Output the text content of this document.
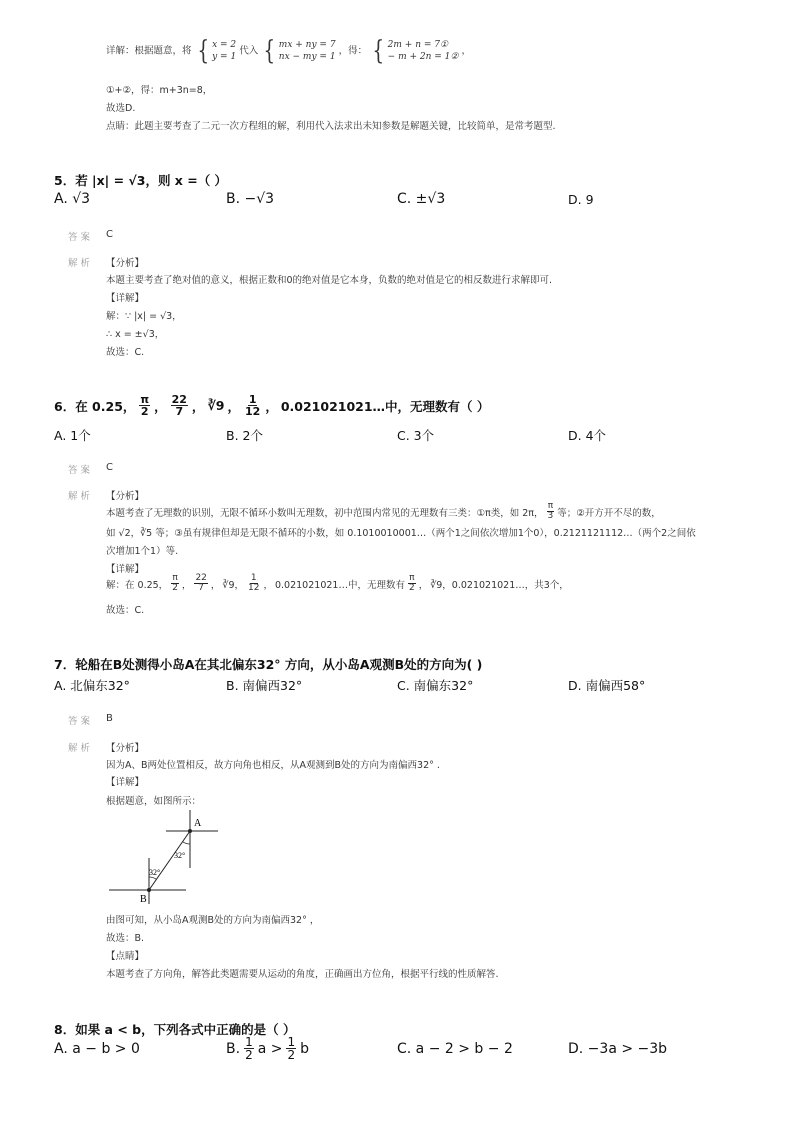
详解：根据题意，将 { x = 2
y = 1
代入 { mx + ny = 7
nx − my = 1
，得： { 2m + n = 7①
− m + 2n = 1②
，
①+②，得：m+3n=8，
故选D.
点睛：此题主要考查了二元一次方程组的解，利用代入法求出未知参数是解题关键，比较简单，是常考题型.
5．若 |x| = √3，则 x =（ ）
A. √3	B. −√3	C. ±√3	D. 9
答案 C
解析 【分析】
本题主要考查了绝对值的意义，根据正数和0的绝对值是它本身，负数的绝对值是它的相反数进行求解即可.
【详解】
解：∵ |x| = √3，
∴ x = ±√3，
故选：C.
6．在 0.25， $\frac{\pi}{2}$ ， $\frac{22}{7}$ ， ∛9 ， $\frac{1}{12}$ ， 0.021021021…中，无理数有（ ）
A. 1个	B. 2个	C. 3个	D. 4个
答案 C
解析 【分析】
本题考查了无理数的识别，无限不循环小数叫无理数，初中范围内常见的无理数有三类：①π类，如 2π， $\frac{\pi}{3}$ 等；②开方开不尽的数，
如 √2，∛5 等；③虽有规律但却是无限不循环的小数，如 0.1010010001…（两个1之间依次增加1个0），0.2121121112…（两个2之间依
次增加1个1）等.
【详解】
解：在 0.25， $\frac{\pi}{2}$ ， $\frac{22}{7}$ ， ∛9， $\frac{1}{12}$ ， 0.021021021…中，无理数有 $\frac{\pi}{2}$ ， ∛9，0.021021021…，共3个，
故选：C.
7．轮船在B处测得小岛A在其北偏东32° 方向，从小岛A观测B处的方向为( )
A. 北偏东32°	B. 南偏西32°	C. 南偏东32°	D. 南偏西58°
答案 B
解析 【分析】
因为A、B两处位置相反，故方向角也相反，从A观测到B处的方向为南偏西32° .
【详解】
根据题意，如图所示：
A
B
32°
32°
由图可知，从小岛A观测B处的方向为南偏西32° ，
故选：B.
【点睛】
本题考查了方向角，解答此类题需要从运动的角度，正确画出方位角，根据平行线的性质解答.
8．如果 a < b，下列各式中正确的是（ ）
A. a − b > 0	B. $\frac{1}{2}$ $a > \frac{1}{2}$ b	C. a − 2 > b − 2	D. −3a > −3b
